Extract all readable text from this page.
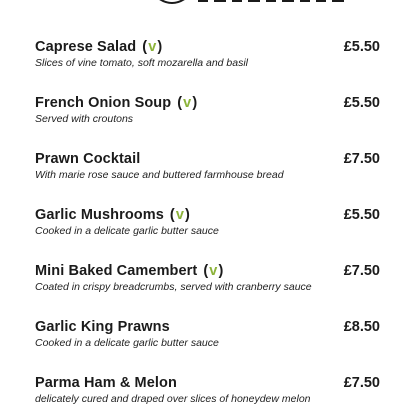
Caprese Salad (v)	£5.50
Slices of vine tomato, soft mozarella and basil
French Onion Soup (v)	£5.50
Served with croutons
Prawn Cocktail	£7.50
With marie rose sauce and buttered farmhouse bread
Garlic Mushrooms (v)	£5.50
Cooked in a delicate garlic butter sauce
Mini Baked Camembert (v)	£7.50
Coated in crispy breadcrumbs, served with cranberry sauce
Garlic King Prawns	£8.50
Cooked in a delicate garlic butter sauce
Parma Ham & Melon	£7.50
delicately cured and draped over slices of honeydew melon
